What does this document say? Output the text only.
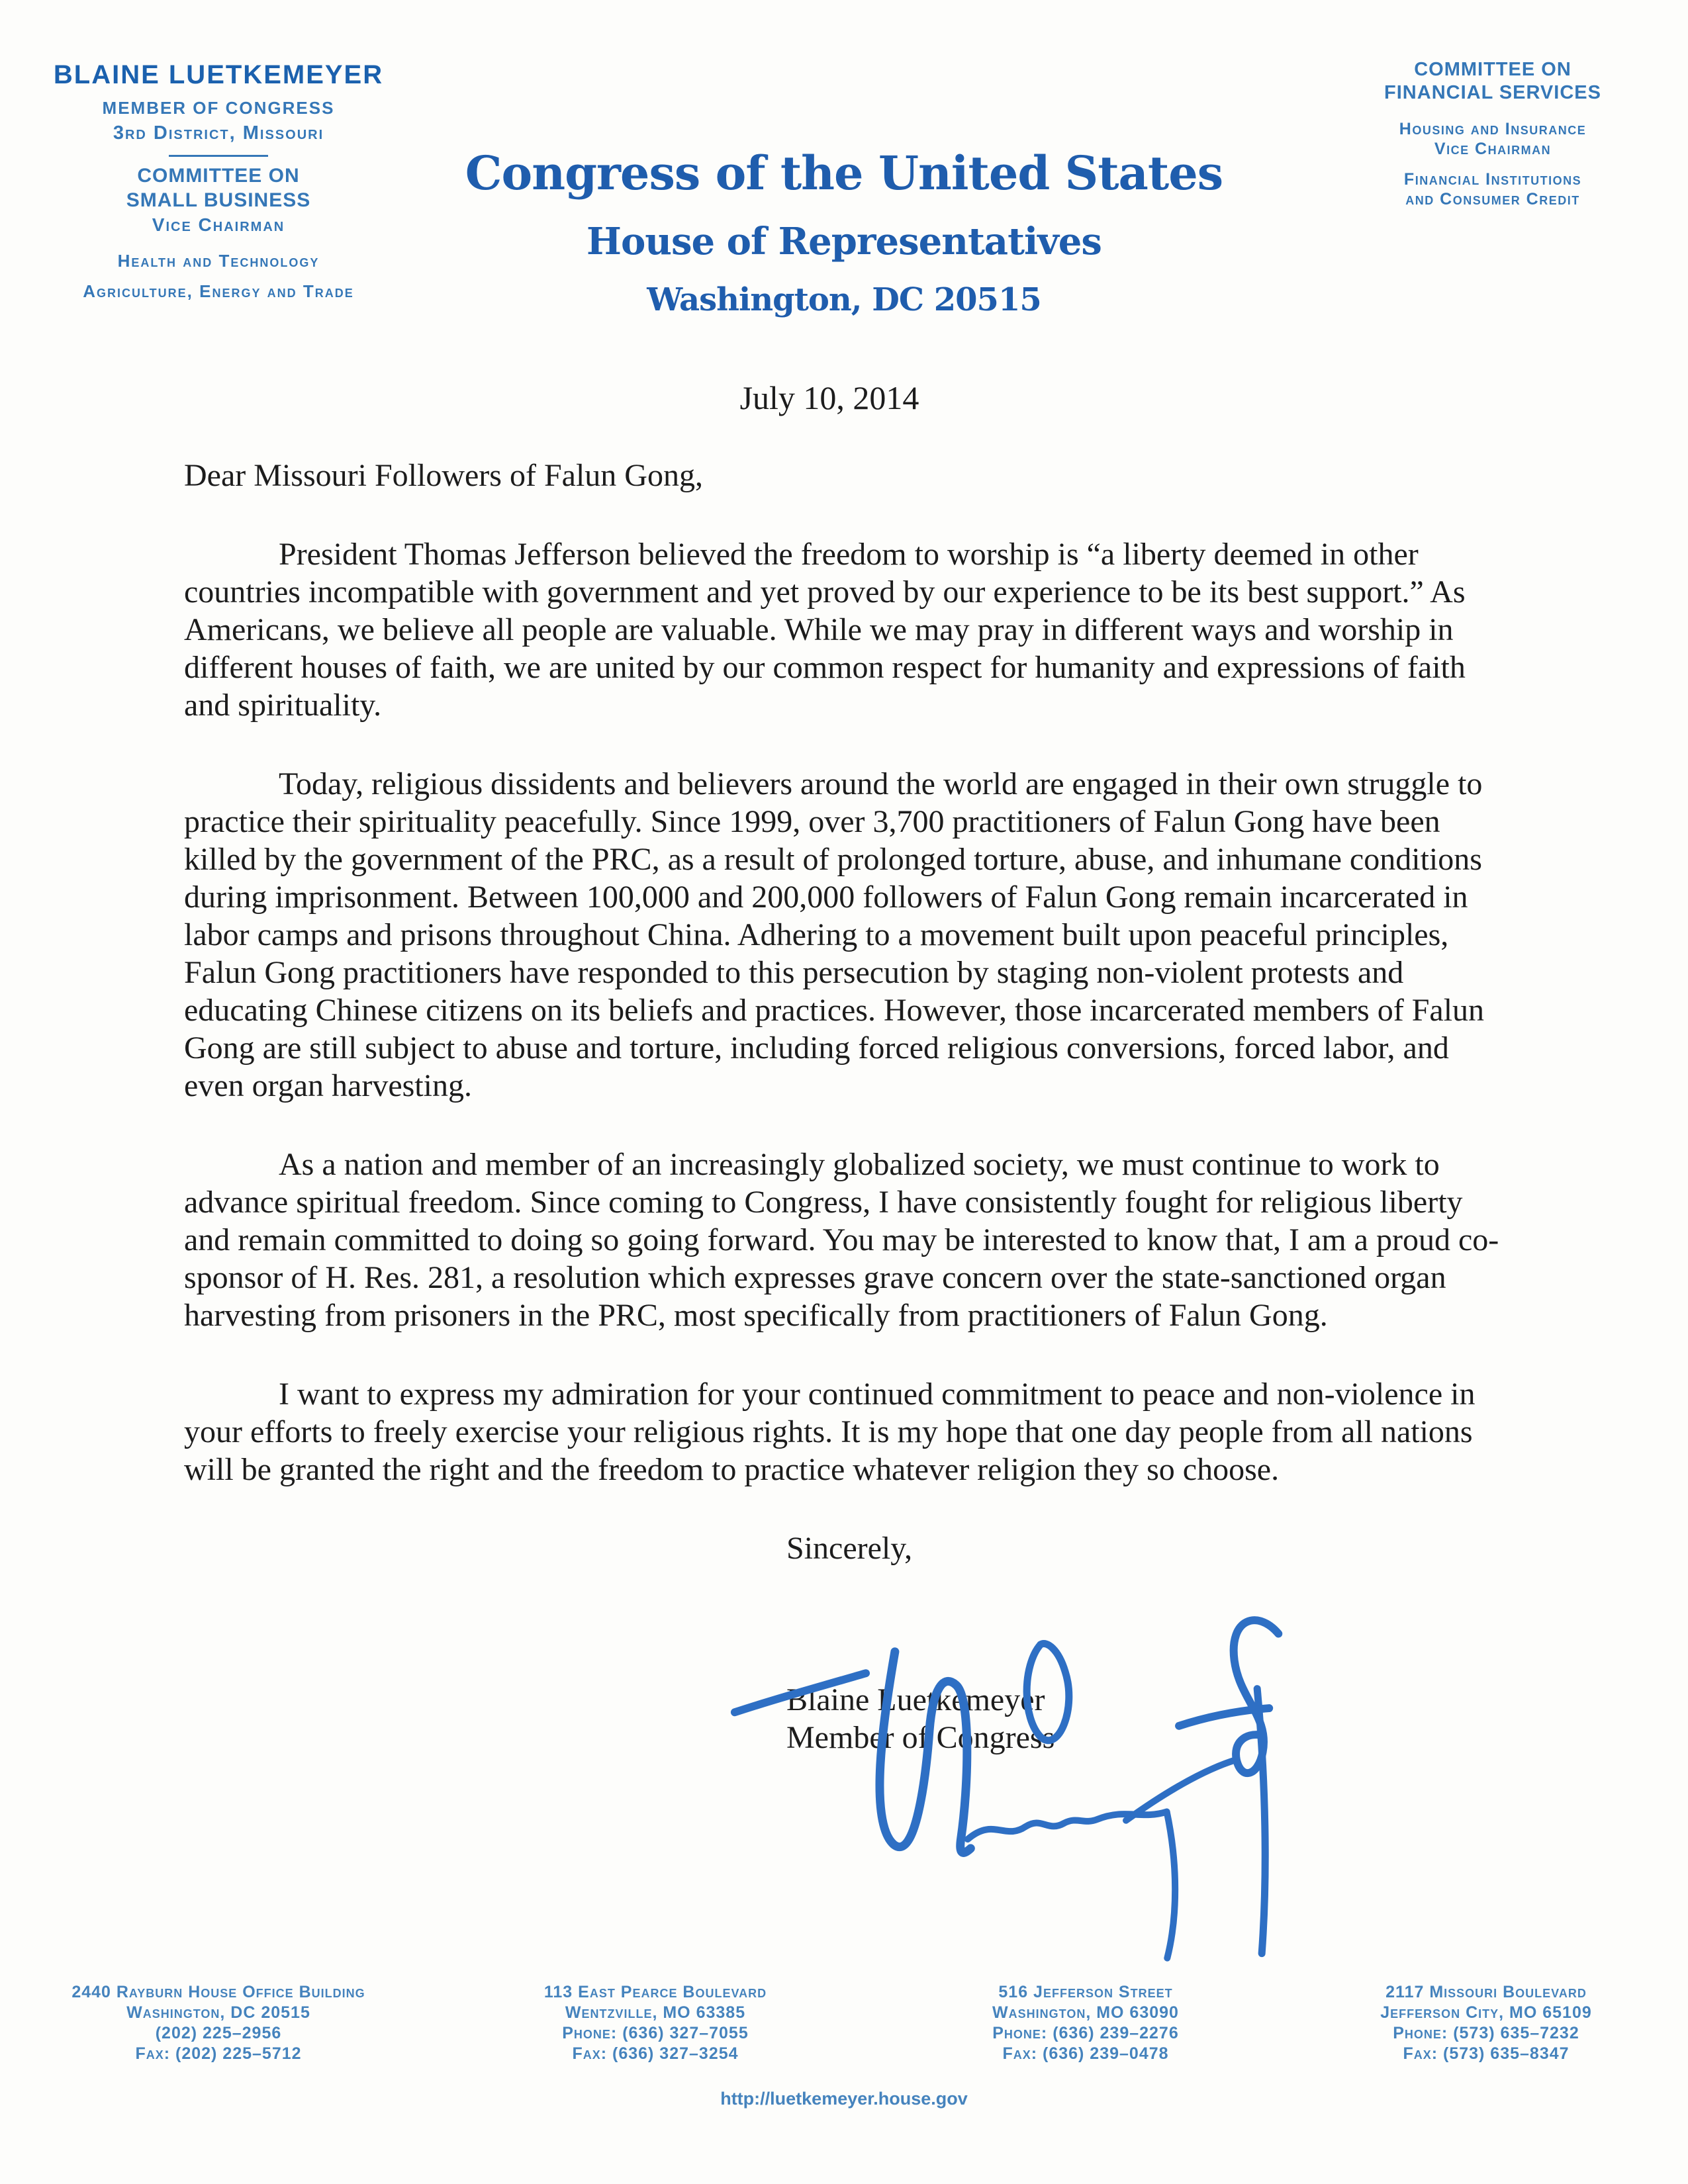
BLAINE LUETKEMEYER
MEMBER OF CONGRESS
3rd District, Missouri
COMMITTEE ON
SMALL BUSINESS
Vice Chairman
Health and Technology
Agriculture, Energy and Trade
COMMITTEE ON
FINANCIAL SERVICES
Housing and Insurance
Vice Chairman
Financial Institutions
and Consumer Credit
Congress of the United States
House of Representatives
Washington, DC 20515
July 10, 2014

Dear Missouri Followers of Falun Gong,

President Thomas Jefferson believed the freedom to worship is “a liberty deemed in other countries incompatible with government and yet proved by our experience to be its best support.” As Americans, we believe all people are valuable. While we may pray in different ways and worship in different houses of faith, we are united by our common respect for humanity and expressions of faith and spirituality.

Today, religious dissidents and believers around the world are engaged in their own struggle to practice their spirituality peacefully. Since 1999, over 3,700 practitioners of Falun Gong have been killed by the government of the PRC, as a result of prolonged torture, abuse, and inhumane conditions during imprisonment. Between 100,000 and 200,000 followers of Falun Gong remain incarcerated in labor camps and prisons throughout China. Adhering to a movement built upon peaceful principles, Falun Gong practitioners have responded to this persecution by staging non-violent protests and educating Chinese citizens on its beliefs and practices. However, those incarcerated members of Falun Gong are still subject to abuse and torture, including forced religious conversions, forced labor, and even organ harvesting.

As a nation and member of an increasingly globalized society, we must continue to work to advance spiritual freedom. Since coming to Congress, I have consistently fought for religious liberty and remain committed to doing so going forward. You may be interested to know that, I am a proud co-sponsor of H. Res. 281, a resolution which expresses grave concern over the state-sanctioned organ harvesting from prisoners in the PRC, most specifically from practitioners of Falun Gong.

I want to express my admiration for your continued commitment to peace and non-violence in your efforts to freely exercise your religious rights. It is my hope that one day people from all nations will be granted the right and the freedom to practice whatever religion they so choose.

Sincerely,

Blaine Luetkemeyer

Member of Congress

2440 Rayburn House Office Building
Washington, DC 20515
(202) 225–2956
Fax: (202) 225–5712
113 East Pearce Boulevard
Wentzville, MO 63385
Phone: (636) 327–7055
Fax: (636) 327–3254
516 Jefferson Street
Washington, MO 63090
Phone: (636) 239–2276
Fax: (636) 239–0478
2117 Missouri Boulevard
Jefferson City, MO 65109
Phone: (573) 635–7232
Fax: (573) 635–8347
http://luetkemeyer.house.gov
